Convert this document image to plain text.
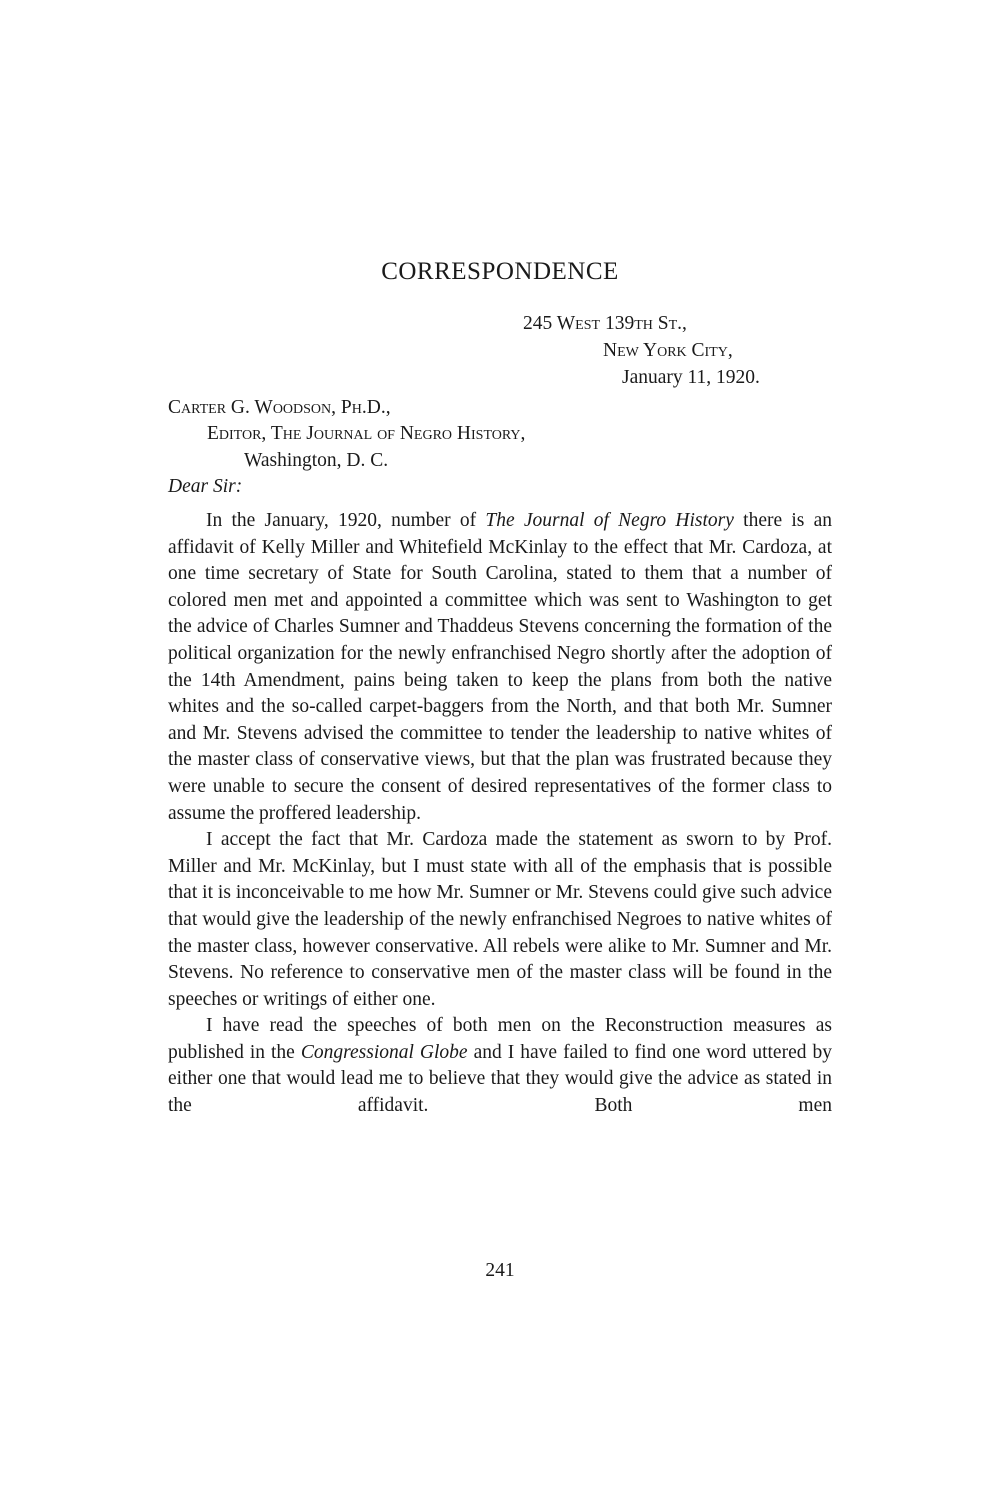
CORRESPONDENCE
245 West 139th St.,
New York City,
January 11, 1920.
Carter G. Woodson, Ph.D.,
Editor, The Journal of Negro History,
Washington, D. C.
Dear Sir:

In the January, 1920, number of The Journal of Negro History there is an affidavit of Kelly Miller and Whitefield McKinlay to the effect that Mr. Cardoza, at one time secretary of State for South Carolina, stated to them that a number of colored men met and appointed a committee which was sent to Washington to get the advice of Charles Sumner and Thaddeus Stevens concerning the formation of the political organization for the newly enfranchised Negro shortly after the adoption of the 14th Amendment, pains being taken to keep the plans from both the native whites and the so-called carpet-baggers from the North, and that both Mr. Sumner and Mr. Stevens advised the committee to tender the leadership to native whites of the master class of conservative views, but that the plan was frustrated because they were unable to secure the consent of desired representatives of the former class to assume the proffered leadership.

I accept the fact that Mr. Cardoza made the statement as sworn to by Prof. Miller and Mr. McKinlay, but I must state with all of the emphasis that is possible that it is inconceivable to me how Mr. Sumner or Mr. Stevens could give such advice that would give the leadership of the newly enfranchised Negroes to native whites of the master class, however conservative. All rebels were alike to Mr. Sumner and Mr. Stevens. No reference to conservative men of the master class will be found in the speeches or writings of either one.

I have read the speeches of both men on the Reconstruction measures as published in the Congressional Globe and I have failed to find one word uttered by either one that would lead me to believe that they would give the advice as stated in the affidavit. Both men

241
